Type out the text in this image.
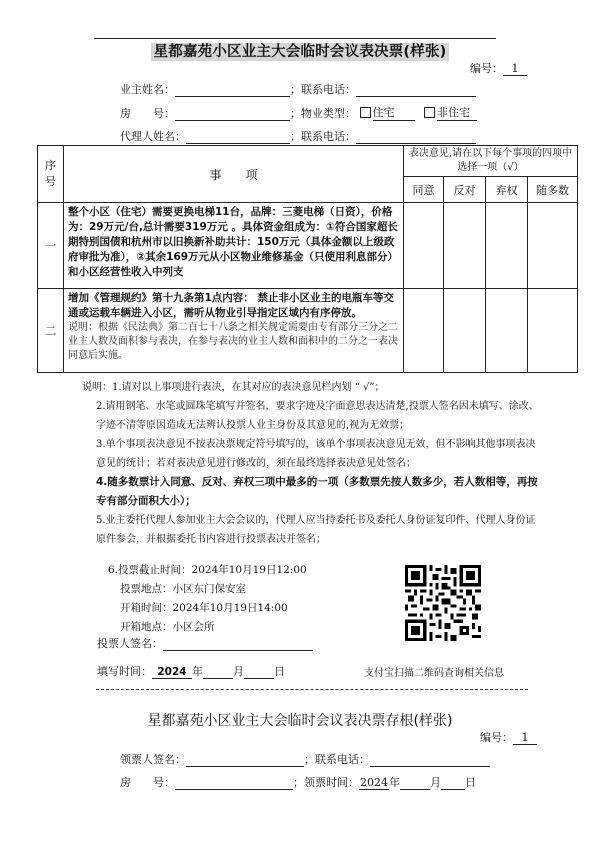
星都嘉苑小区业主大会临时会议表决票(样张)
编号： 1
业主姓名：	；联系电话：
房　　号：	；物业类型： 住宅	非住宅
代理人姓名：	；联系电话：
序号	事　　项	表决意见,请在以下每个事项的四项中选择一项（√）			
		同意	反对	弃权	随多数
一	整个小区（住宅）需要更换电梯11台，品牌：三菱电梯（日资），价格为：29万元/台,总计需要319万元 。具体资金组成为：①符合国家超长期特别国债和杭州市以旧换新补助共计：150万元（具体金额以上级政府审批为准），②其余169万元从小区物业维修基金（只使用利息部分）和小区经营性收入中列支				
二	增加《管理规约》第十九条第1点内容： 禁止非小区业主的电瓶车等交通或运载车辆进入小区，需听从物业引导指定区域内有序停放。
说明：根据《民法典》第二百七十八条之相关规定需要由专有部分三分之二业主人数及面积参与表决，在参与表决的业主人数和面积中的二分之一表决同意后实施。				

说明：1.请对以上事项进行表决，在其对应的表决意见栏内划 “ √”；

2.请用钢笔、水笔或圆珠笔填写并签名，要求字迹及字面意思表达清楚,投票人签名因未填写、涂改、字迹不清等原因造成无法辨认投票人业主身份及其意见的,视为无效票；

3.单个事项表决意见不按表决票规定符号填写的，该单个事项表决意见无效，但不影响其他事项表决意见的统计；若对表决意见进行修改的，须在最终选择表决意见处签名；

4.随多数票计入同意、反对、弃权三项中最多的一项（多数票先按人数多少，若人数相等，再按专有部分面积大小）；

5.业主委托代理人参加业主大会会议的，代理人应当持委托书及委托人身份证复印件、代理人身份证原件参会，并根据委托书内容进行投票表决并签名；

6.投票截止时间：2024年10月19日12:00
投票地点：小区东门保安室
开箱时间：2024年10月19日14:00
开箱地点：小区会所
投票人签名：
填写时间： 2024 年	月	日	支付宝扫描二维码查询相关信息
星都嘉苑小区业主大会临时会议表决票存根(样张)
编号： 1
领票人签名：	；联系电话：
房　　号：	；领票时间：2024年	月 日
